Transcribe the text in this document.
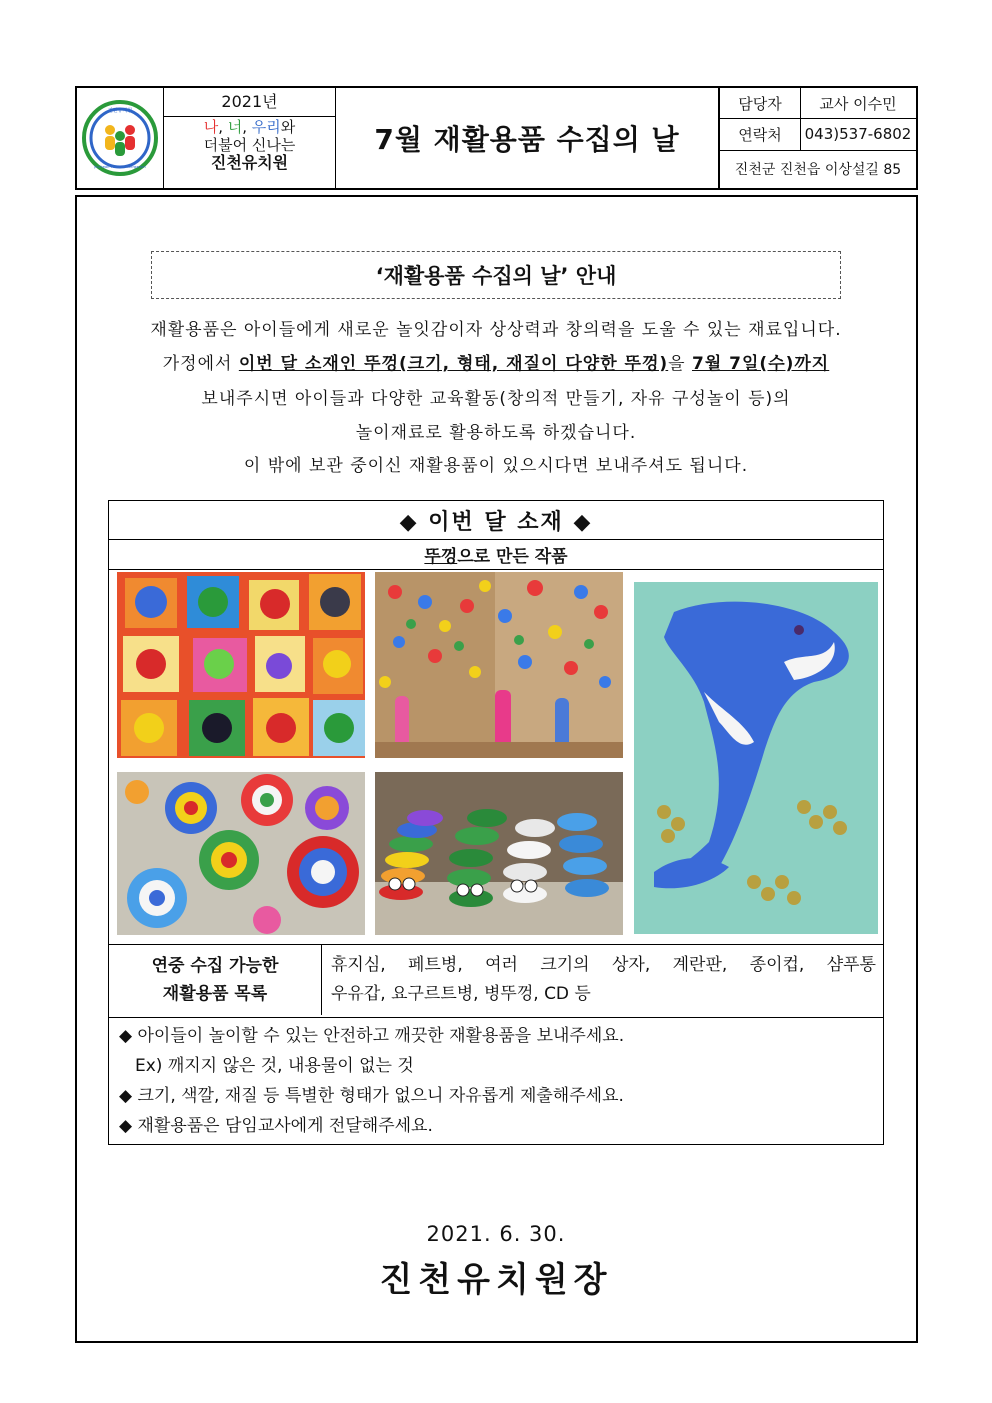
진천유치원
Jincheon Public Kindergarten
2021년
나, 너, 우리와
더불어 신나는
진천유치원
7월 재활용품 수집의 날
담당자	교사 이수민
연락처	043)537-6802
진천군 진천읍 이상설길 85
‘재활용품 수집의 날’ 안내
재활용품은 아이들에게 새로운 놀잇감이자 상상력과 창의력을 도울 수 있는 재료입니다.
가정에서 이번 달 소재인 뚜껑(크기, 형태, 재질이 다양한 뚜껑)을 7월 7일(수)까지
보내주시면 아이들과 다양한 교육활동(창의적 만들기, 자유 구성놀이 등)의
놀이재료로 활용하도록 하겠습니다.
이 밖에 보관 중이신 재활용품이 있으시다면 보내주셔도 됩니다.
◆ 이번 달 소재 ◆
뚜껑 으로 만든 작품
연중 수집 가능한
재활용품 목록
휴지심, 페트병, 여러 크기의 상자, 계란판, 종이컵, 샴푸통
우유갑, 요구르트병, 병뚜껑, CD 등
◆ 아이들이 놀이할 수 있는 안전하고 깨끗한 재활용품을 보내주세요.
Ex) 깨지지 않은 것, 내용물이 없는 것
◆ 크기, 색깔, 재질 등 특별한 형태가 없으니 자유롭게 제출해주세요.
◆ 재활용품은 담임교사에게 전달해주세요.
2021. 6. 30.
진천유치원장
